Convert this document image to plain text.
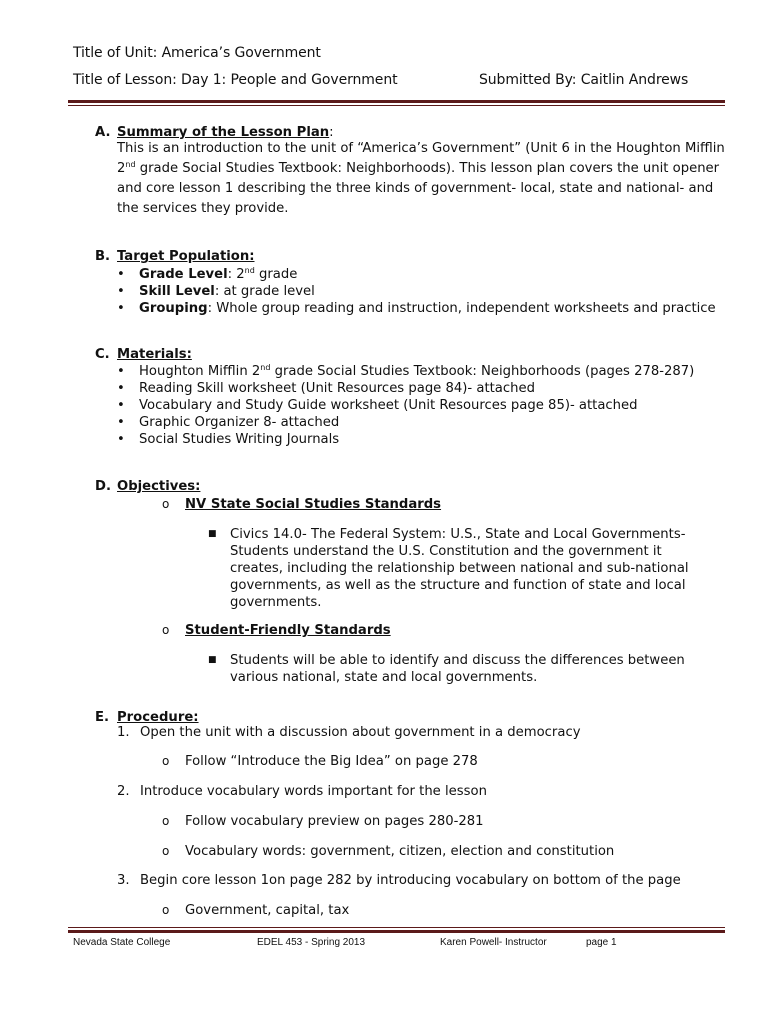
Title of Unit: America’s Government
Title of Lesson: Day 1: People and Government	Submitted By: Caitlin Andrews
A. Summary of the Lesson Plan:
This is an introduction to the unit of “America’s Government” (Unit 6 in the Houghton Mifflin
2nd grade Social Studies Textbook: Neighborhoods). This lesson plan covers the unit opener
and core lesson 1 describing the three kinds of government- local, state and national- and
the services they provide.
B. Target Population:
• Grade Level: 2nd grade
• Skill Level: at grade level
• Grouping: Whole group reading and instruction, independent worksheets and practice
C. Materials:
• Houghton Mifflin 2nd grade Social Studies Textbook: Neighborhoods (pages 278-287)
• Reading Skill worksheet (Unit Resources page 84)- attached
• Vocabulary and Study Guide worksheet (Unit Resources page 85)- attached
• Graphic Organizer 8- attached
• Social Studies Writing Journals
D. Objectives:
o NV State Social Studies Standards
■ Civics 14.0- The Federal System: U.S., State and Local Governments- Students understand the U.S. Constitution and the government it creates, including the relationship between national and sub-national governments, as well as the structure and function of state and local governments.
o Student-Friendly Standards
■ Students will be able to identify and discuss the differences between various national, state and local governments.
E. Procedure:
1. Open the unit with a discussion about government in a democracy
o Follow “Introduce the Big Idea” on page 278
2. Introduce vocabulary words important for the lesson
o Follow vocabulary preview on pages 280-281
o Vocabulary words: government, citizen, election and constitution
3. Begin core lesson 1on page 282 by introducing vocabulary on bottom of the page
o Government, capital, tax
Nevada State College	EDEL 453 - Spring 2013	Karen Powell- Instructor	page 1
